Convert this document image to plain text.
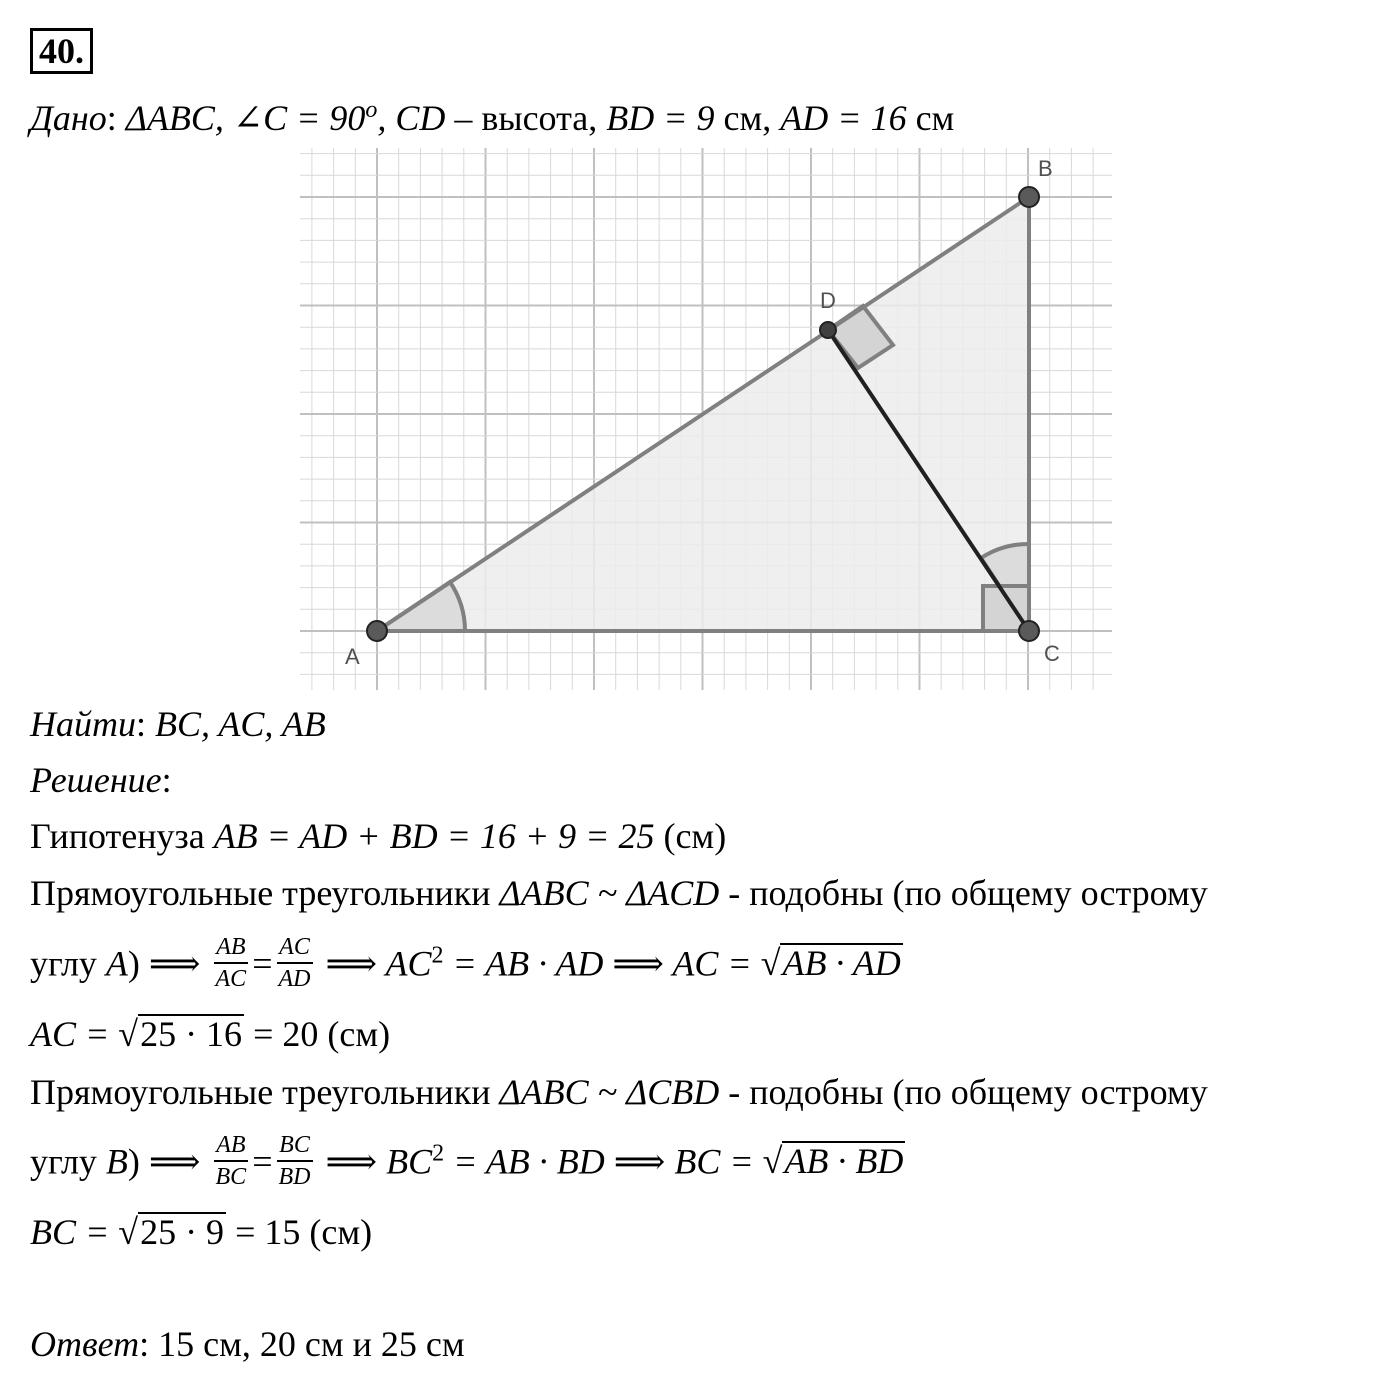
40.
Дано: ΔABC, ∠C = $90^o$, CD – высота, BD = 9 см, AD = 16 см
A
B
C
D
Найти: BC, AC, AB
Решение:
Гипотенуза AB = AD + BD = 16 + 9 = 25 (см)
Прямоугольные треугольники ΔABC ~ ΔACD - подобны (по общему острому
углу A) ⟹ $\frac{AB}{AC} = \frac{AC}{AD}$ ⟹ $AC^2$ = AB · AD ⟹ AC = √AB · AD
AC = √25 · 16 = 20 (см)
Прямоугольные треугольники ΔABC ~ ΔCBD - подобны (по общему острому
углу B) ⟹ $\frac{AB}{BC} = \frac{BC}{BD}$ ⟹ $BC^2$ = AB · BD ⟹ BC = √AB · BD
BC = √25 · 9 = 15 (см)
Ответ: 15 см, 20 см и 25 см
